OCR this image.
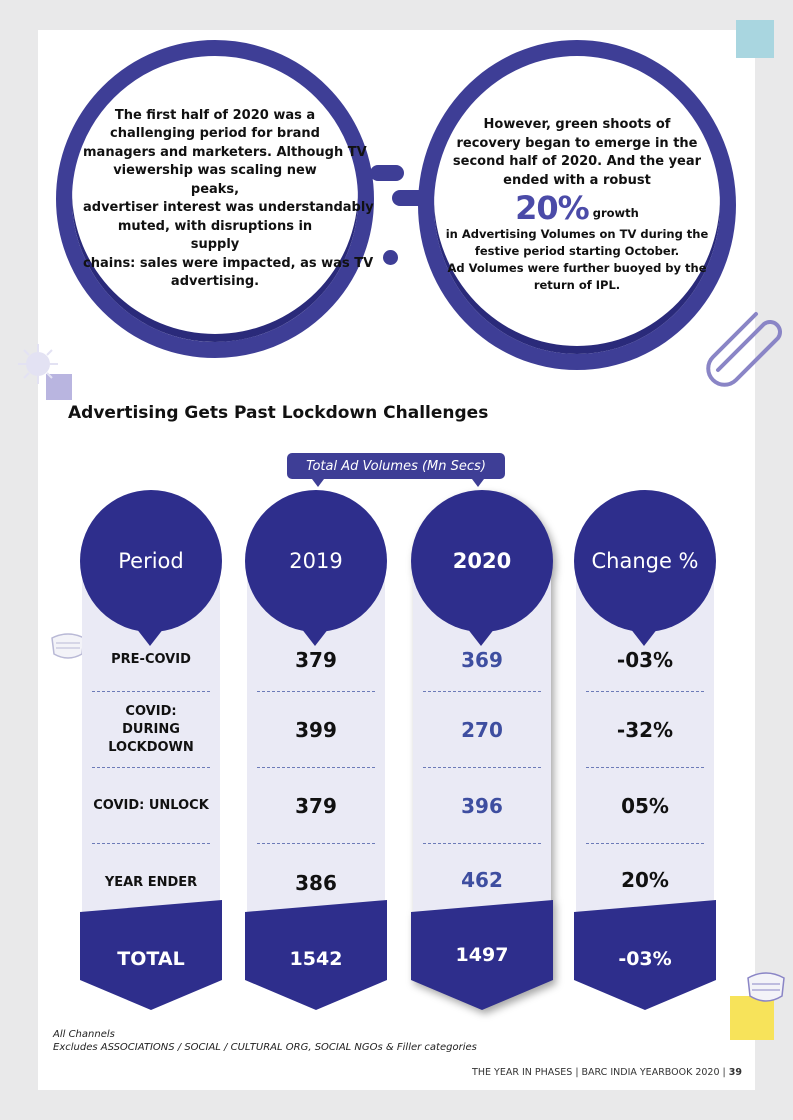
The first half of 2020 was a
challenging period for brand
managers and marketers. Although TV
viewership was scaling new peaks,
advertiser interest was understandably
muted, with disruptions in supply
chains: sales were impacted, as was TV
advertising.
However, green shoots of
recovery began to emerge in the
second half of 2020. And the year
ended with a robust
20% growth
in Advertising Volumes on TV during the
festive period starting October.
Ad Volumes were further buoyed by the
return of IPL.
Advertising Gets Past Lockdown Challenges
Total Ad Volumes (Mn Secs)
Period
PRE-COVID
COVID:
DURING
LOCKDOWN
COVID: UNLOCK
YEAR ENDER
TOTAL
2019
379
399
379
386
1542
2020
369
270
396
462
1497
Change %
-03%
-32%
05%
20%
-03%
All Channels
Excludes ASSOCIATIONS / SOCIAL / CULTURAL ORG, SOCIAL NGOs & Filler categories
THE YEAR IN PHASES | BARC INDIA YEARBOOK 2020 | 39
